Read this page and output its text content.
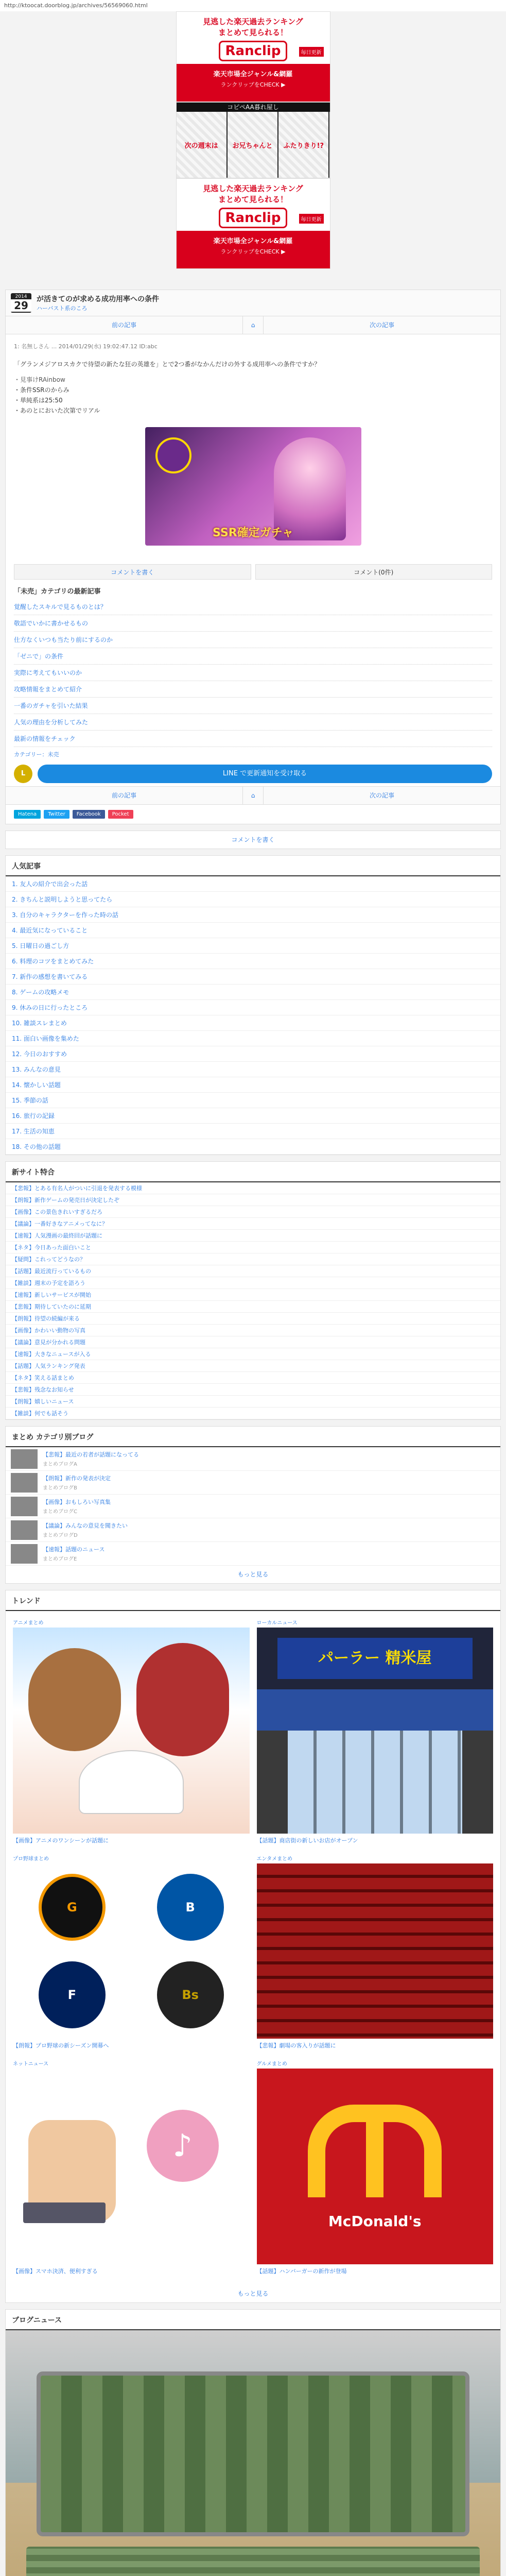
http://ktoocat.doorblog.jp/archives/56569060.html
見逃した楽天過去ランキング
まとめて見られる！
Ranclip	毎日更新
楽天市場全ジャンル&網羅
ランクリップをCHECK ▶
コピペAA暮れ屋し
次の週末は	お兄ちゃんと	ふたりきり!?
見逃した楽天過去ランキング
まとめて見られる！
Ranclip	毎日更新
楽天市場全ジャンル&網羅
ランクリップをCHECK ▶
2014
29	が活きてのが求める成功用率への条件
ハーバスト系のころ
前の記事	⌂	次の記事
1: 名無しさん ... 2014/01/29(水) 19:02:47.12 ID:abc
「グランメジアロスカクで待望の新たな狂の英雄を」とで2つ番がなかんだけの外する成用率への条件ですか？
・見事けRAinbow
・条件SSRのからみ
・単純系は25:50
・あのとにおいた次第でリアル
SSR確定ガチャ
コメントを書く	コメント(0件)
「未売」カテゴリの最新記事
覚醒したスキルで見るものとは？
敬語でいかに書かせるもの
仕方なくいつも当たり前にするのか
「ゼニで」の条件
実際に考えてもいいのか
攻略情報をまとめて紹介
一番のガチャを引いた結果
人気の理由を分析してみた
最新の情報をチェック
カテゴリー：未売
L	LINE で更新通知を受け取る
前の記事	⌂	次の記事
Hatena	Twitter	Facebook	Pocket
コメントを書く
人気記事
1. 友人の紹介で出会った話
2. きちんと説明しようと思ってたら
3. 自分のキャラクターを作った時の話
4. 最近気になっていること
5. 日曜日の過ごし方
6. 料理のコツをまとめてみた
7. 新作の感想を書いてみる
8. ゲームの攻略メモ
9. 休みの日に行ったところ
10. 雑談スレまとめ
11. 面白い画像を集めた
12. 今日のおすすめ
13. みんなの意見
14. 懐かしい話題
15. 季節の話
16. 旅行の記録
17. 生活の知恵
18. その他の話題
新サイト特合
【悲報】とある有名人がついに引退を発表する模様
【朗報】新作ゲームの発売日が決定したぞ
【画像】この景色きれいすぎるだろ
【議論】一番好きなアニメってなに？
【速報】人気漫画の最終回が話題に
【ネタ】今日あった面白いこと
【疑問】これってどうなの？
【話題】最近流行っているもの
【雑談】週末の予定を語ろう
【速報】新しいサービスが開始
【悲報】期待していたのに延期
【朗報】待望の続編が来る
【画像】かわいい動物の写真
【議論】意見が分かれる問題
【速報】大きなニュースが入る
【話題】人気ランキング発表
【ネタ】笑える話まとめ
【悲報】残念なお知らせ
【朗報】嬉しいニュース
【雑談】何でも話そう
まとめ カテゴリ別ブログ
【悲報】最近の若者が話題になってる
まとめブログA
【朗報】新作の発表が決定
まとめブログB
【画像】おもしろい写真集
まとめブログC
【議論】みんなの意見を聞きたい
まとめブログD
【速報】話題のニュース
まとめブログE
もっと見る
トレンド
アニメまとめ
【画像】アニメのワンシーンが話題に
ローカルニュース
パーラー 精米屋
【話題】商店街の新しいお店がオープン
プロ野球まとめ
G	B
F	Bs
【朗報】プロ野球の新シーズン開幕へ
エンタメまとめ
【悲報】劇場の客入りが話題に
ネットニュース
♪
【画像】スマホ決済、便利すぎる
グルメまとめ
McDonald's
【話題】ハンバーガーの新作が登場
もっと見る
ブログニュース
